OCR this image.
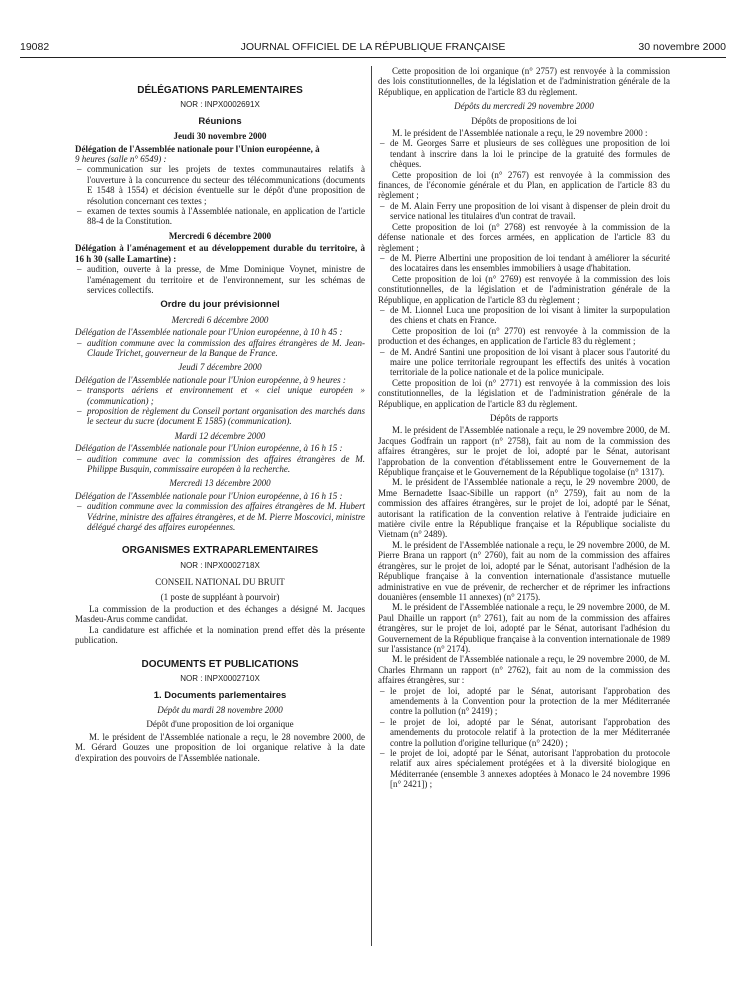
19082	JOURNAL OFFICIEL DE LA RÉPUBLIQUE FRANÇAISE	30 novembre 2000

DÉLÉGATIONS PARLEMENTAIRES

NOR : INPX0002691X

Réunions

Jeudi 30 novembre 2000

Délégation de l'Assemblée nationale pour l'Union européenne, à

9 heures (salle n° 6549) :

– communication sur les projets de textes communautaires relatifs à l'ouverture à la concurrence du secteur des télécommunications (documents E 1548 à 1554) et décision éventuelle sur le dépôt d'une proposition de résolution concernant ces textes ;
– examen de textes soumis à l'Assemblée nationale, en application de l'article 88-4 de la Constitution.

Mercredi 6 décembre 2000

Délégation à l'aménagement et au développement durable du territoire, à 16 h 30 (salle Lamartine) :

– audition, ouverte à la presse, de Mme Dominique Voynet, ministre de l'aménagement du territoire et de l'environnement, sur les schémas de services collectifs.

Ordre du jour prévisionnel

Mercredi 6 décembre 2000

Délégation de l'Assemblée nationale pour l'Union européenne, à 10 h 45 :

– audition commune avec la commission des affaires étrangères de M. Jean-Claude Trichet, gouverneur de la Banque de France.

Jeudi 7 décembre 2000

Délégation de l'Assemblée nationale pour l'Union européenne, à 9 heures :

– transports aériens et environnement et « ciel unique européen » (communication) ;
– proposition de règlement du Conseil portant organisation des marchés dans le secteur du sucre (document E 1585) (communication).

Mardi 12 décembre 2000

Délégation de l'Assemblée nationale pour l'Union européenne, à 16 h 15 :

– audition commune avec la commission des affaires étrangères de M. Philippe Busquin, commissaire européen à la recherche.

Mercredi 13 décembre 2000

Délégation de l'Assemblée nationale pour l'Union européenne, à 16 h 15 :

– audition commune avec la commission des affaires étrangères de M. Hubert Védrine, ministre des affaires étrangères, et de M. Pierre Moscovici, ministre délégué chargé des affaires européennes.

ORGANISMES EXTRAPARLEMENTAIRES

NOR : INPX0002718X

CONSEIL NATIONAL DU BRUIT

(1 poste de suppléant à pourvoir)

La commission de la production et des échanges a désigné M. Jacques Masdeu-Arus comme candidat.

La candidature est affichée et la nomination prend effet dès la présente publication.

DOCUMENTS ET PUBLICATIONS

NOR : INPX0002710X

1. Documents parlementaires

Dépôt du mardi 28 novembre 2000

Dépôt d'une proposition de loi organique

M. le président de l'Assemblée nationale a reçu, le 28 novembre 2000, de M. Gérard Gouzes une proposition de loi organique relative à la date d'expiration des pouvoirs de l'Assemblée nationale.

Cette proposition de loi organique (n° 2757) est renvoyée à la commission des lois constitutionnelles, de la législation et de l'administration générale de la République, en application de l'article 83 du règlement.

Dépôts du mercredi 29 novembre 2000

Dépôts de propositions de loi

M. le président de l'Assemblée nationale a reçu, le 29 novembre 2000 :

– de M. Georges Sarre et plusieurs de ses collègues une proposition de loi tendant à inscrire dans la loi le principe de la gratuité des formules de chèques.

Cette proposition de loi (n° 2767) est renvoyée à la commission des finances, de l'économie générale et du Plan, en application de l'article 83 du règlement ;

– de M. Alain Ferry une proposition de loi visant à dispenser de plein droit du service national les titulaires d'un contrat de travail.

Cette proposition de loi (n° 2768) est renvoyée à la commission de la défense nationale et des forces armées, en application de l'article 83 du règlement ;

– de M. Pierre Albertini une proposition de loi tendant à améliorer la sécurité des locataires dans les ensembles immobiliers à usage d'habitation.

Cette proposition de loi (n° 2769) est renvoyée à la commission des lois constitutionnelles, de la législation et de l'administration générale de la République, en application de l'article 83 du règlement ;

– de M. Lionnel Luca une proposition de loi visant à limiter la surpopulation des chiens et chats en France.

Cette proposition de loi (n° 2770) est renvoyée à la commission de la production et des échanges, en application de l'article 83 du règlement ;

– de M. André Santini une proposition de loi visant à placer sous l'autorité du maire une police territoriale regroupant les effectifs des unités à vocation territoriale de la police nationale et de la police municipale.

Cette proposition de loi (n° 2771) est renvoyée à la commission des lois constitutionnelles, de la législation et de l'administration générale de la République, en application de l'article 83 du règlement.

Dépôts de rapports

M. le président de l'Assemblée nationale a reçu, le 29 novembre 2000, de M. Jacques Godfrain un rapport (n° 2758), fait au nom de la commission des affaires étrangères, sur le projet de loi, adopté par le Sénat, autorisant l'approbation de la convention d'établissement entre le Gouvernement de la République française et le Gouvernement de la République togolaise (n° 1317).

M. le président de l'Assemblée nationale a reçu, le 29 novembre 2000, de Mme Bernadette Isaac-Sibille un rapport (n° 2759), fait au nom de la commission des affaires étrangères, sur le projet de loi, adopté par le Sénat, autorisant la ratification de la convention relative à l'entraide judiciaire en matière civile entre la République française et la République socialiste du Vietnam (n° 2489).

M. le président de l'Assemblée nationale a reçu, le 29 novembre 2000, de M. Pierre Brana un rapport (n° 2760), fait au nom de la commission des affaires étrangères, sur le projet de loi, adopté par le Sénat, autorisant l'adhésion de la République française à la convention internationale d'assistance mutuelle administrative en vue de prévenir, de rechercher et de réprimer les infractions douanières (ensemble 11 annexes) (n° 2175).

M. le président de l'Assemblée nationale a reçu, le 29 novembre 2000, de M. Paul Dhaille un rapport (n° 2761), fait au nom de la commission des affaires étrangères, sur le projet de loi, adopté par le Sénat, autorisant l'adhésion du Gouvernement de la République française à la convention internationale de 1989 sur l'assistance (n° 2174).

M. le président de l'Assemblée nationale a reçu, le 29 novembre 2000, de M. Charles Ehrmann un rapport (n° 2762), fait au nom de la commission des affaires étrangères, sur :

– le projet de loi, adopté par le Sénat, autorisant l'approbation des amendements à la Convention pour la protection de la mer Méditerranée contre la pollution (n° 2419) ;
– le projet de loi, adopté par le Sénat, autorisant l'approbation des amendements du protocole relatif à la protection de la mer Méditerranée contre la pollution d'origine tellurique (n° 2420) ;
– le projet de loi, adopté par le Sénat, autorisant l'approbation du protocole relatif aux aires spécialement protégées et à la diversité biologique en Méditerranée (ensemble 3 annexes adoptées à Monaco le 24 novembre 1996 [n° 2421]) ;
